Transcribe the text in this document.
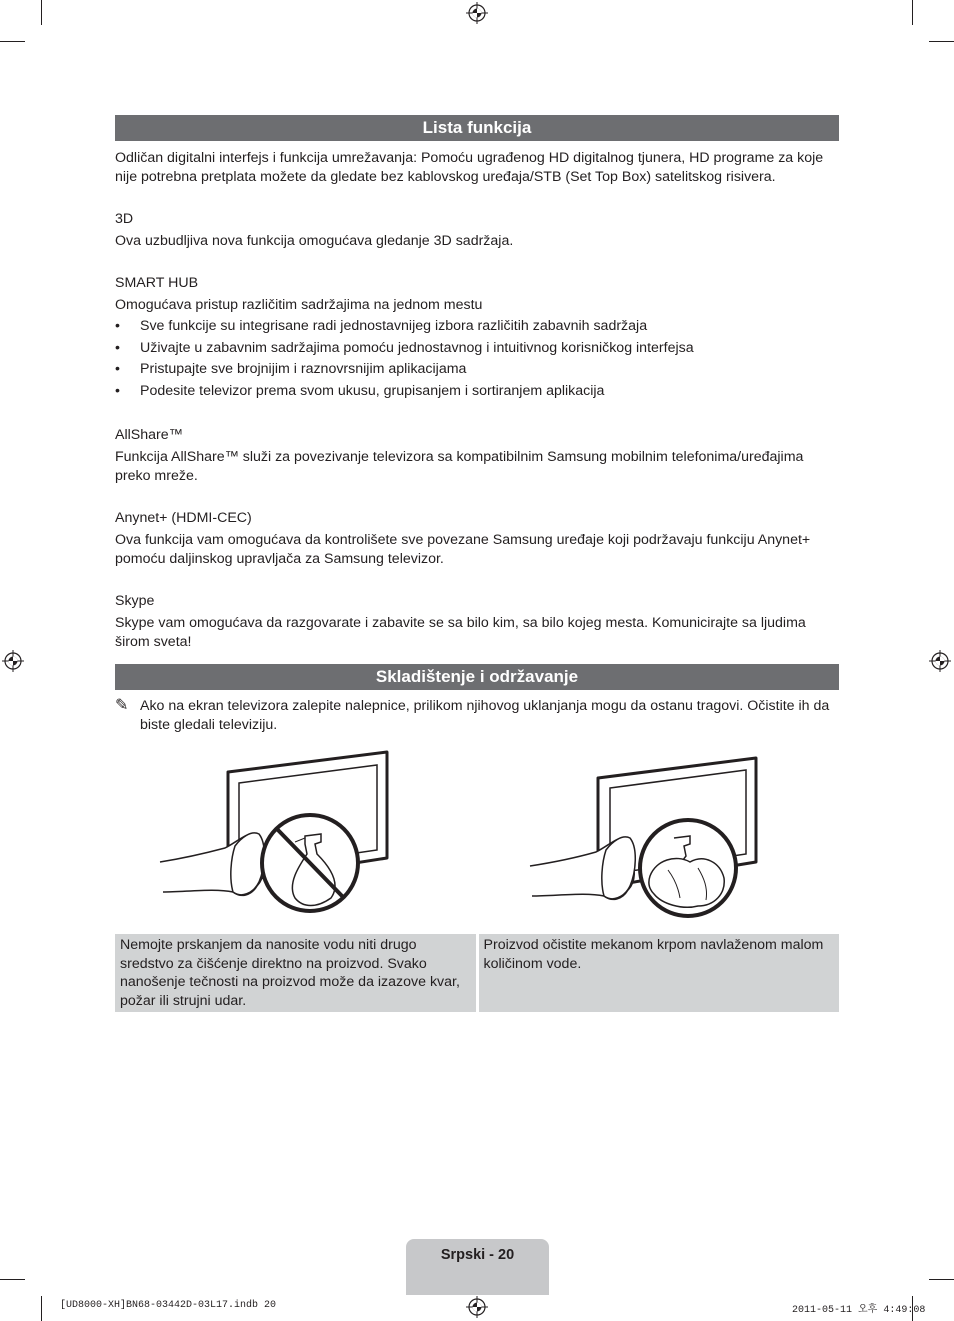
Lista funkcija
Odličan digitalni interfejs i funkcija umrežavanja: Pomoću ugrađenog HD digitalnog tjunera, HD programe za koje nije potrebna pretplata možete da gledate bez kablovskog uređaja/STB (Set Top Box) satelitskog risivera.
3D
Ova uzbudljiva nova funkcija omogućava gledanje 3D sadržaja.
SMART HUB
Omogućava pristup različitim sadržajima na jednom mestu
• Sve funkcije su integrisane radi jednostavnijeg izbora različitih zabavnih sadržaja
• Uživajte u zabavnim sadržajima pomoću jednostavnog i intuitivnog korisničkog interfejsa
• Pristupajte sve brojnijim i raznovrsnijim aplikacijama
• Podesite televizor prema svom ukusu, grupisanjem i sortiranjem aplikacija
AllShare™
Funkcija AllShare™ služi za povezivanje televizora sa kompatibilnim Samsung mobilnim telefonima/uređajima preko mreže.
Anynet+ (HDMI-CEC)
Ova funkcija vam omogućava da kontrolišete sve povezane Samsung uređaje koji podržavaju funkciju Anynet+ pomoću daljinskog upravljača za Samsung televizor.
Skype
Skype vam omogućava da razgovarate i zabavite se sa bilo kim, sa bilo kojeg mesta. Komunicirajte sa ljudima širom sveta!
Skladištenje i održavanje
✎ Ako na ekran televizora zalepite nalepnice, prilikom njihovog uklanjanja mogu da ostanu tragovi. Očistite ih da biste gledali televiziju.
Nemojte prskanjem da nanosite vodu niti drugo sredstvo za čišćenje direktno na proizvod. Svako nanošenje tečnosti na proizvod može da izazove kvar, požar ili strujni udar.
Proizvod očistite mekanom krpom navlaženom malom količinom vode.
Srpski - 20
[UD8000-XH]BN68-03442D-03L17.indb 20	2011-05-11 오후 4:49:08
